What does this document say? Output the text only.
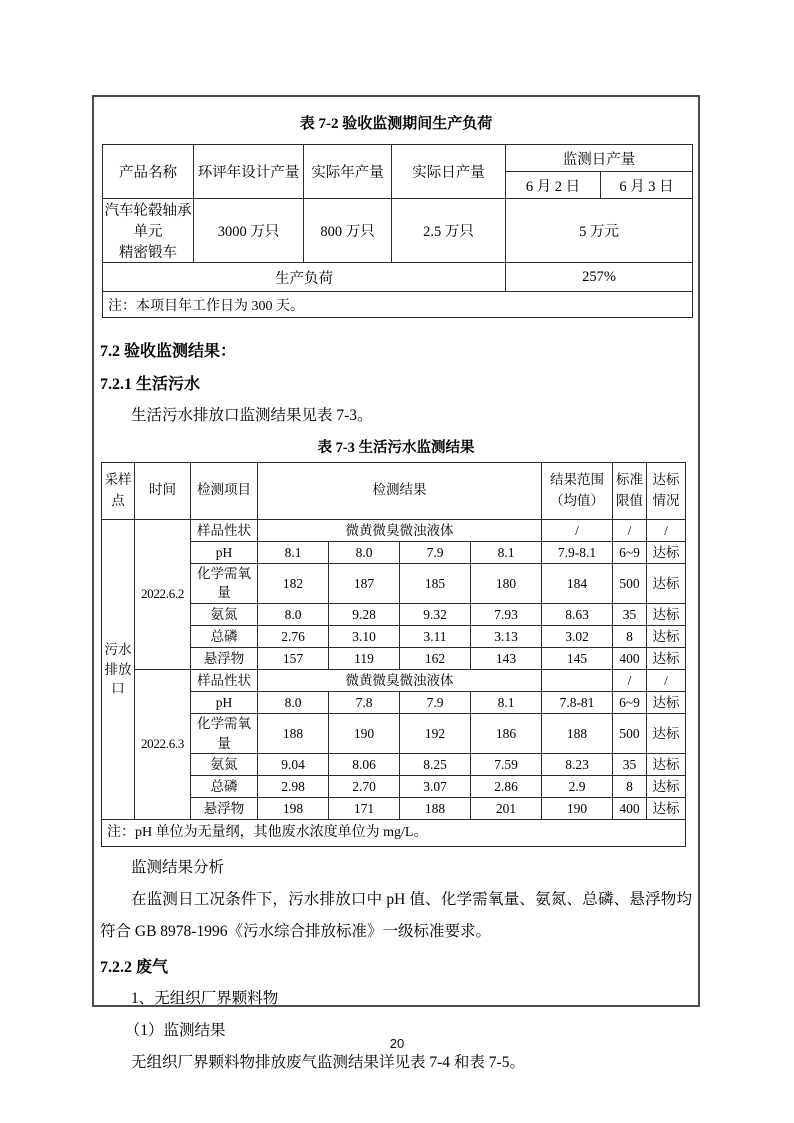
表 7-2 验收监测期间生产负荷
产品名称	环评年设计产量	实际年产量	实际日产量	监测日产量	
				6 月 2 日	6 月 3 日

汽车轮毂轴承单元
精密锻车	3000 万只	800 万只	2.5 万只	5 万元	
生产负荷				257%	
注：本项目年工作日为 300 天。					
7.2 验收监测结果：
7.2.1 生活污水
生活污水排放口监测结果见表 7-3。
表 7-3 生活污水监测结果
采样点	时间	检测项目	检测结果				结果范围（均值）	标准限值	达标情况
污水排放口	2022.6.2	样品性状	微黄微臭微浊液体				/	/	/
		pH	8.1	8.0	7.9	8.1	7.9-8.1	6~9	达标
		化学需氧量	182	187	185	180	184	500	达标
		氨氮	8.0	9.28	9.32	7.93	8.63	35	达标
		总磷	2.76	3.10	3.11	3.13	3.02	8	达标
		悬浮物	157	119	162	143	145	400	达标
	2022.6.3	样品性状	微黄微臭微浊液体					/	/
		pH	8.0	7.8	7.9	8.1	7.8-81	6~9	达标
		化学需氧量	188	190	192	186	188	500	达标
		氨氮	9.04	8.06	8.25	7.59	8.23	35	达标
		总磷	2.98	2.70	3.07	2.86	2.9	8	达标
		悬浮物	198	171	188	201	190	400	达标
注：pH 单位为无量纲，其他废水浓度单位为 mg/L。									
监测结果分析
在监测日工况条件下，污水排放口中 pH 值、化学需氧量、氨氮、总磷、悬浮物均符合 GB 8978-1996《污水综合排放标准》一级标准要求。
7.2.2 废气
1、无组织厂界颗料物
（1）监测结果
无组织厂界颗料物排放废气监测结果详见表 7-4 和表 7-5。
20
